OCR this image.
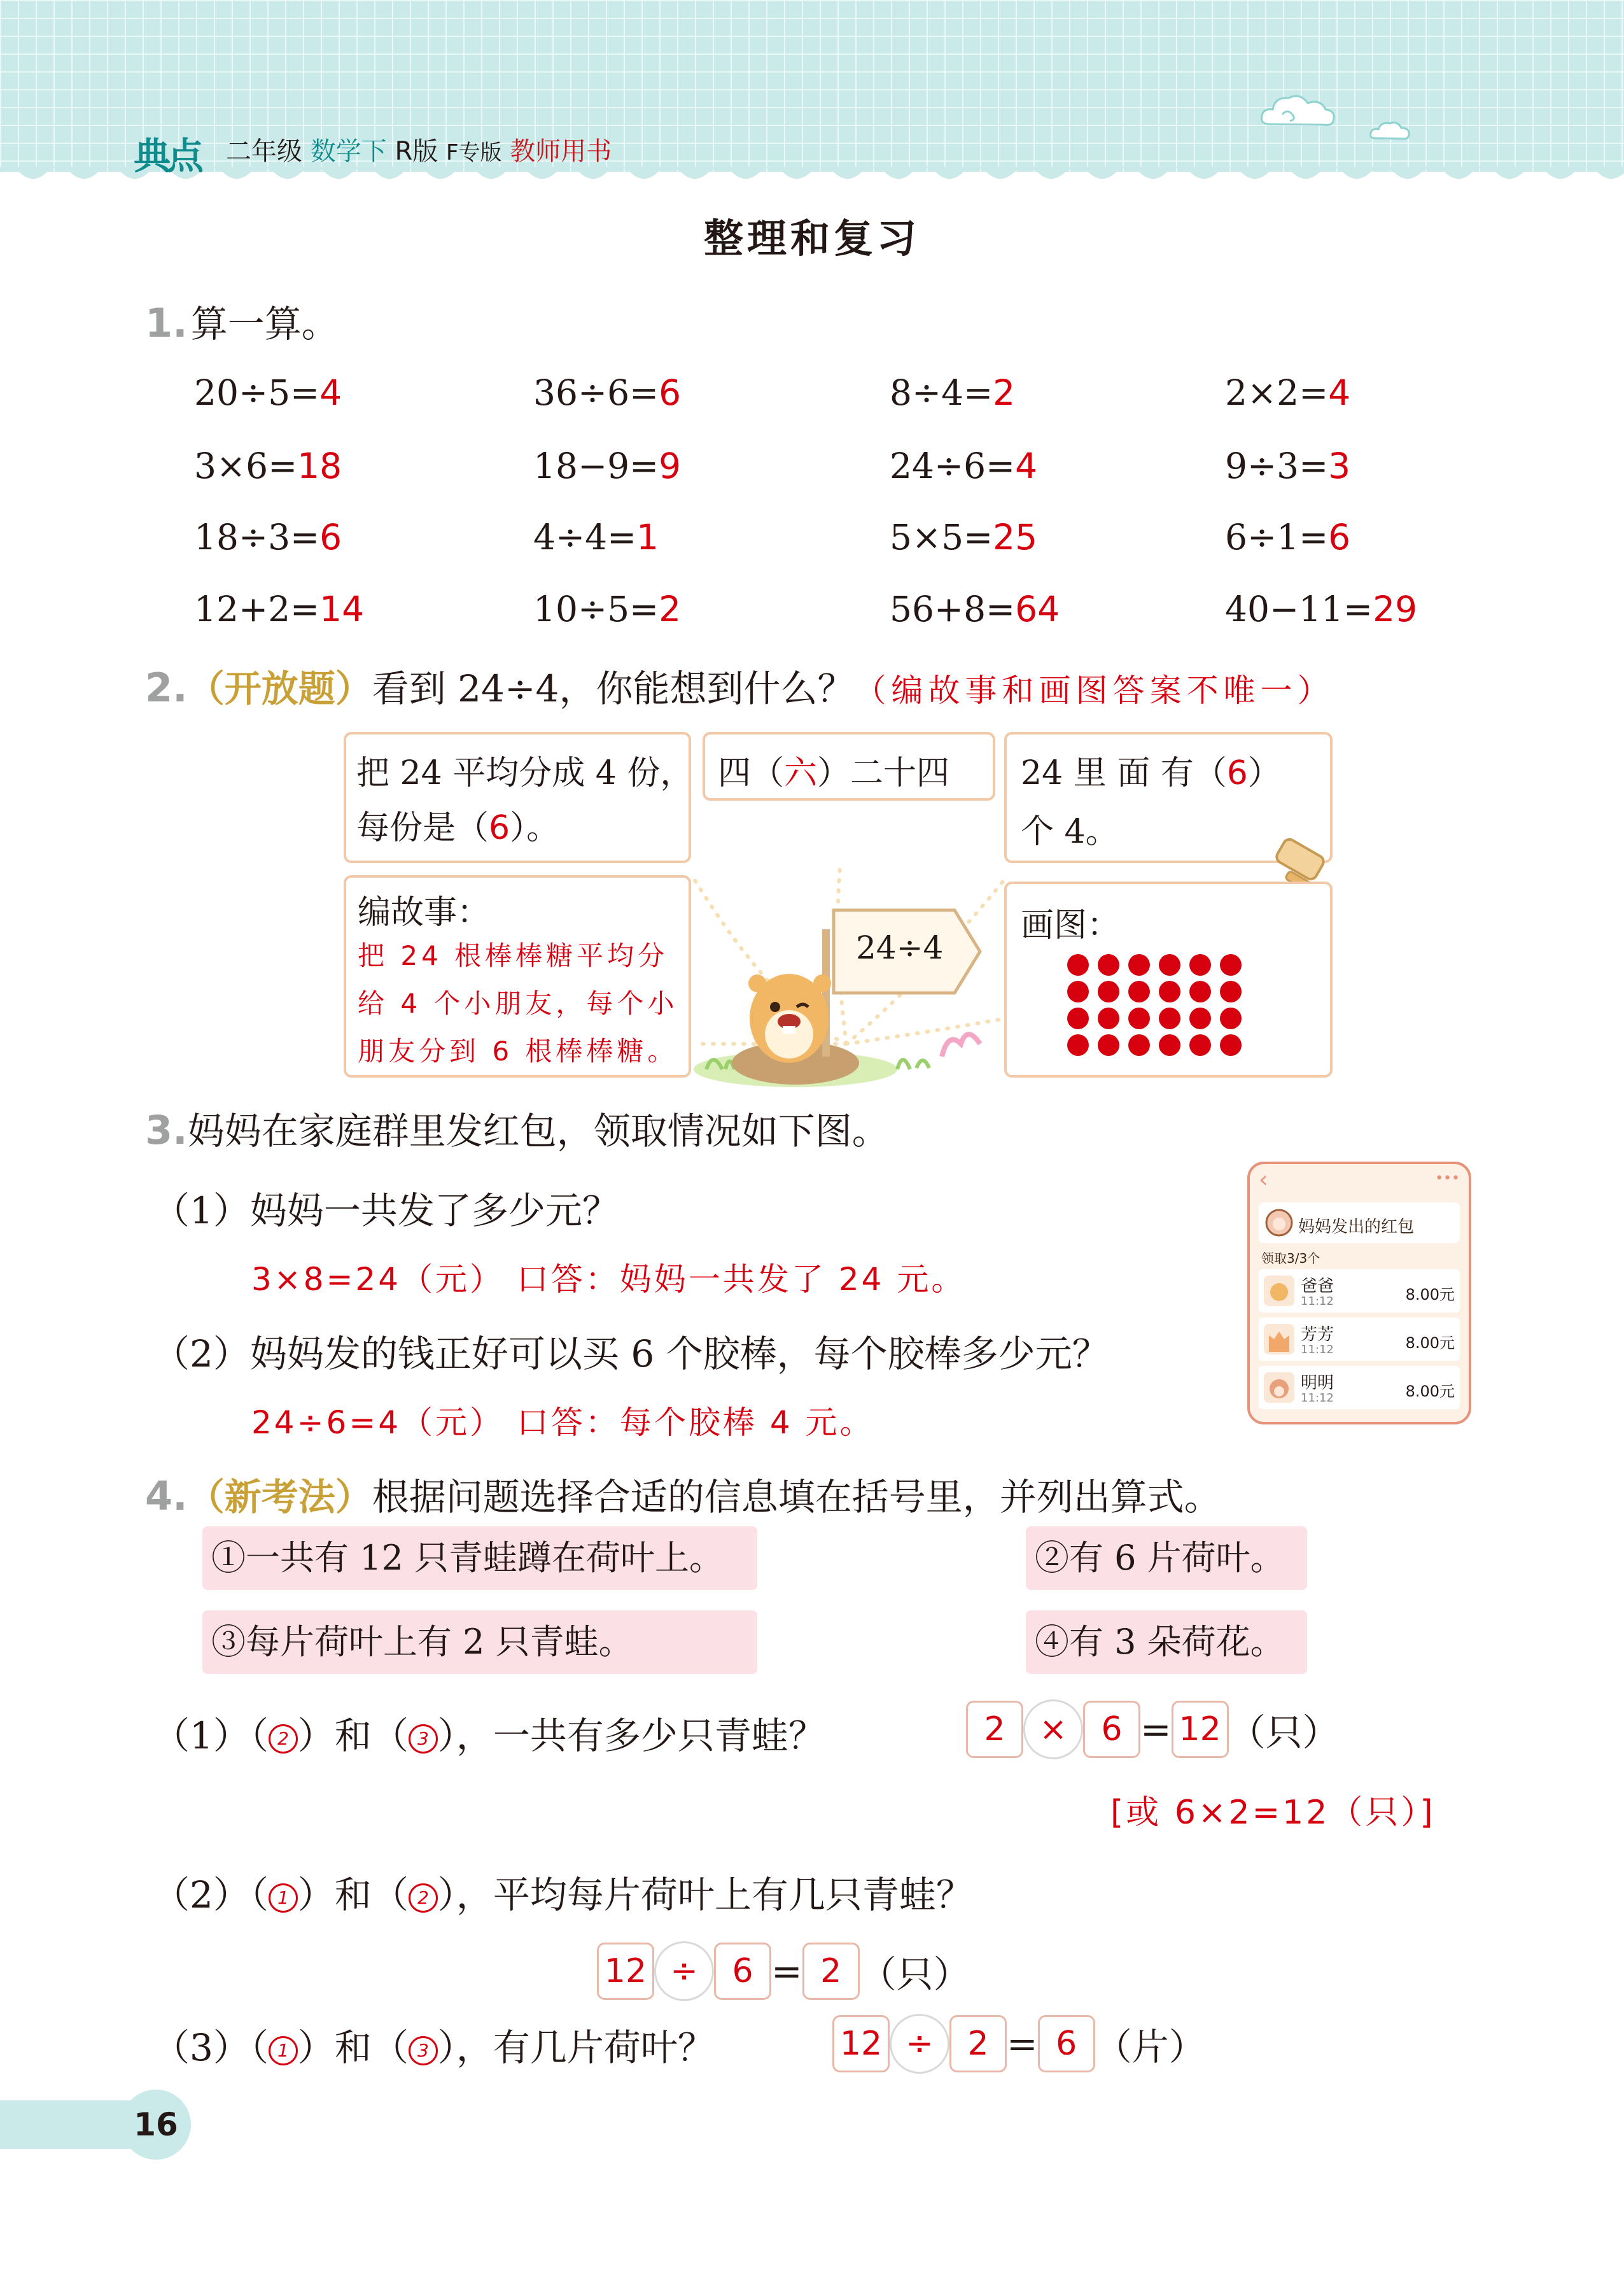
典点 二年级 数学下 R版 F专版 教师用书
整理和复习
1. 算一算。
20÷5=4	36÷6=6	8÷4=2	2×2=4
3×6=18	18−9=9	24÷6=4	9÷3=3
18÷3=6	4÷4=1	5×5=25	6÷1=6
12+2=14	10÷5=2	56+8=64	40−11=29
2.（开放题）看到 24÷4，你能想到什么？（编故事和画图答案不唯一）
把 24 平均分成 4 份，
每份是（6）。
四（六）二十四 24 里 面 有（6）
个 4。
编故事：
把 24 根棒棒糖平均分
给 4 个小朋友，每个小
朋友分到 6 根棒棒糖。
24÷4
画图：
3.妈妈在家庭群里发红包，领取情况如下图。
（1）妈妈一共发了多少元？
3×8=24（元） 口答：妈妈一共发了 24 元。
（2）妈妈发的钱正好可以买 6 个胶棒，每个胶棒多少元？
24÷6=4（元） 口答：每个胶棒 4 元。
‹	•••
妈妈发出的红包
领取3/3个
爸爸
11:12	8.00元
芳芳
11:12	8.00元
明明
11:12	8.00元
4.（新考法）根据问题选择合适的信息填在括号里，并列出算式。
①一共有 12 只青蛙蹲在荷叶上。	②有 6 片荷叶。
③每片荷叶上有 2 只青蛙。	④有 3 朵荷花。
（1）（ 2 ）和（ 3 ），一共有多少只青蛙？	2 × 6 = 12 （只）
[或 6×2=12（只）]
（2）（ 1 ）和（ 2 ），平均每片荷叶上有几只青蛙？
12 ÷ 6 = 2 （只）
（3）（ 1 ）和（ 3 ），有几片荷叶？	12 ÷ 2 = 6 （片）
16
